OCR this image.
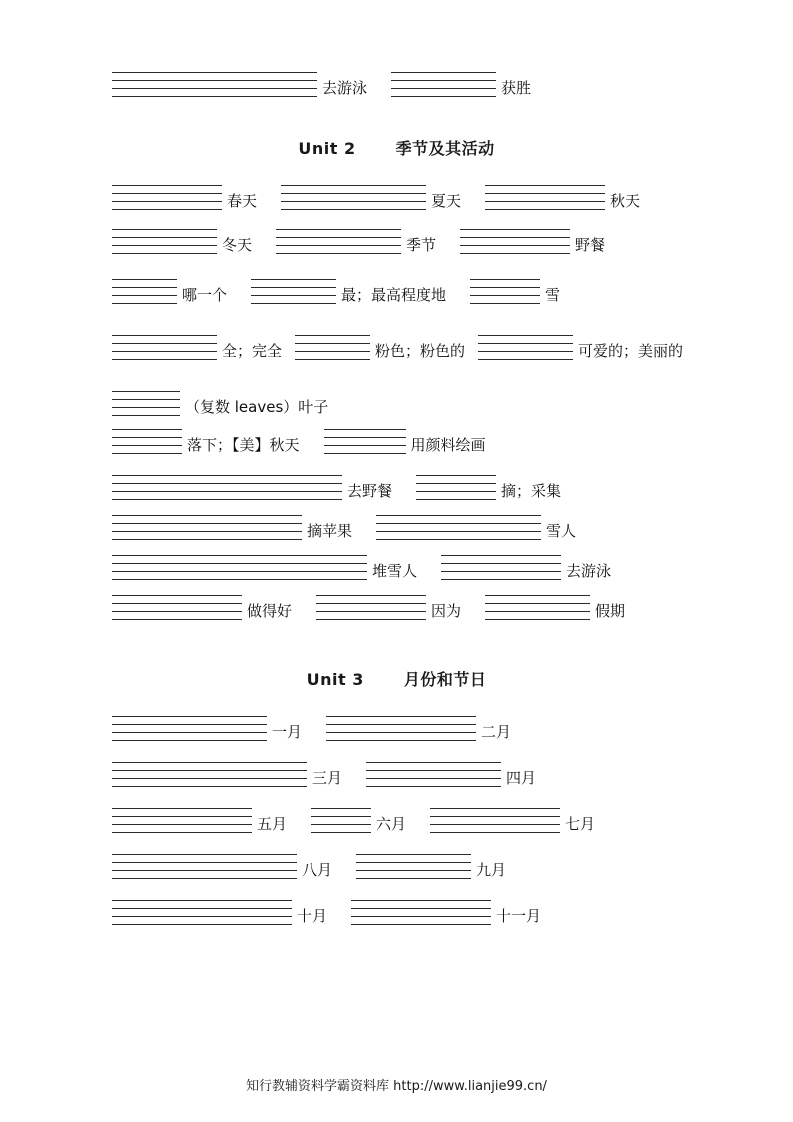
去游泳	获胜
Unit 2	季节及其活动
春天	夏天	秋天
冬天	季节	野餐
哪一个	最；最高程度地	雪
全；完全	粉色；粉色的	可爱的；美丽的
（复数 leaves）叶子
落下；【美】秋天	用颜料绘画
去野餐	摘；采集
摘苹果	雪人
堆雪人	去游泳
做得好	因为	假期
Unit 3	月份和节日
一月	二月
三月	四月
五月	六月	七月
八月	九月
十月	十一月
知行教辅资料学霸资料库 http://www.lianjie99.cn/
